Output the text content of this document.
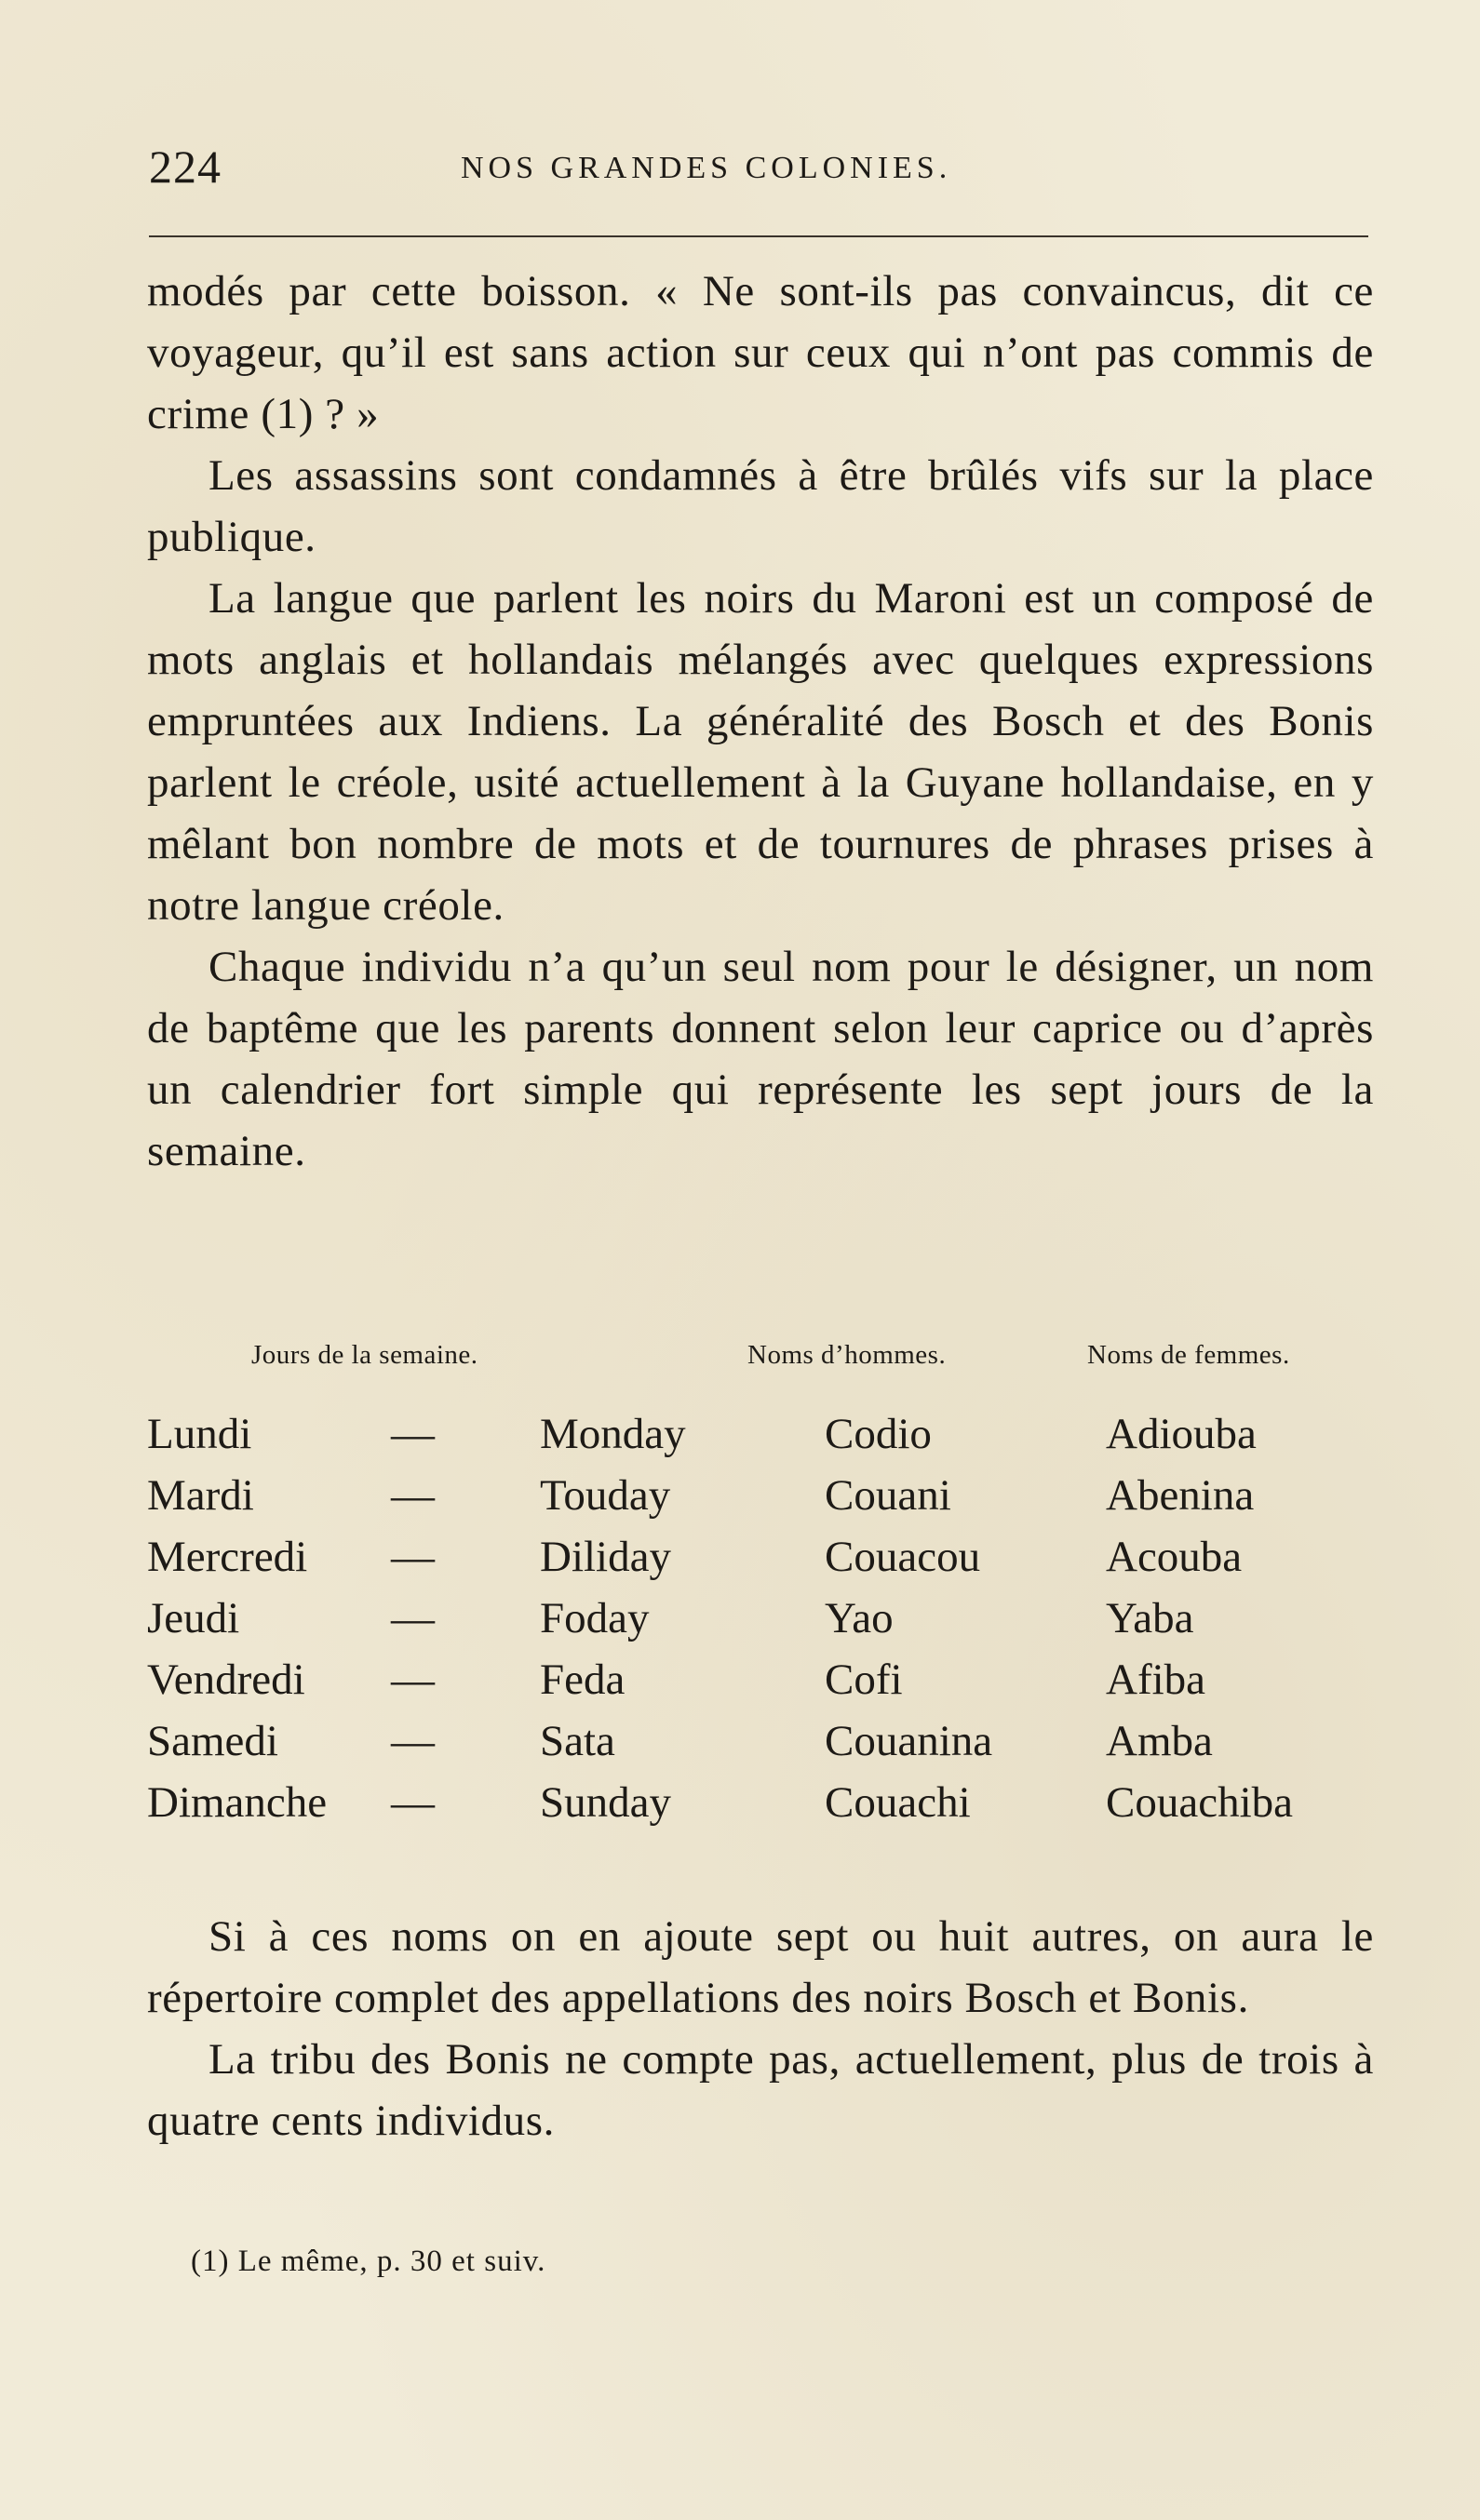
224	NOS GRANDES COLONIES.

modés par cette boisson. « Ne sont-ils pas convaincus, dit ce voyageur, qu’il est sans action sur ceux qui n’ont pas commis de crime (1) ? »

Les assassins sont condamnés à être brûlés vifs sur la place publique.

La langue que parlent les noirs du Maroni est un composé de mots anglais et hollandais mélangés avec quelques expressions empruntées aux Indiens. La généralité des Bosch et des Bonis parlent le créole, usité actuellement à la Guyane hollandaise, en y mêlant bon nombre de mots et de tournures de phrases prises à notre langue créole.

Chaque individu n’a qu’un seul nom pour le désigner, un nom de baptême que les parents donnent selon leur caprice ou d’après un calendrier fort simple qui représente les sept jours de la semaine.

Jours de la semaine.	Noms d’hommes.	Noms de femmes.
Lundi	— Monday	Codio	Adiouba
Mardi	— Touday	Couani	Abenina
Mercredi — Diliday	Couacou	Acouba
Jeudi	— Foday	Yao	Yaba
Vendredi — Feda	Cofi	Afiba
Samedi	— Sata	Couanina	Amba
Dimanche — Sunday	Couachi	Couachiba

Si à ces noms on en ajoute sept ou huit autres, on aura le répertoire complet des appellations des noirs Bosch et Bonis.

La tribu des Bonis ne compte pas, actuellement, plus de trois à quatre cents individus.

(1) Le même, p. 30 et suiv.
